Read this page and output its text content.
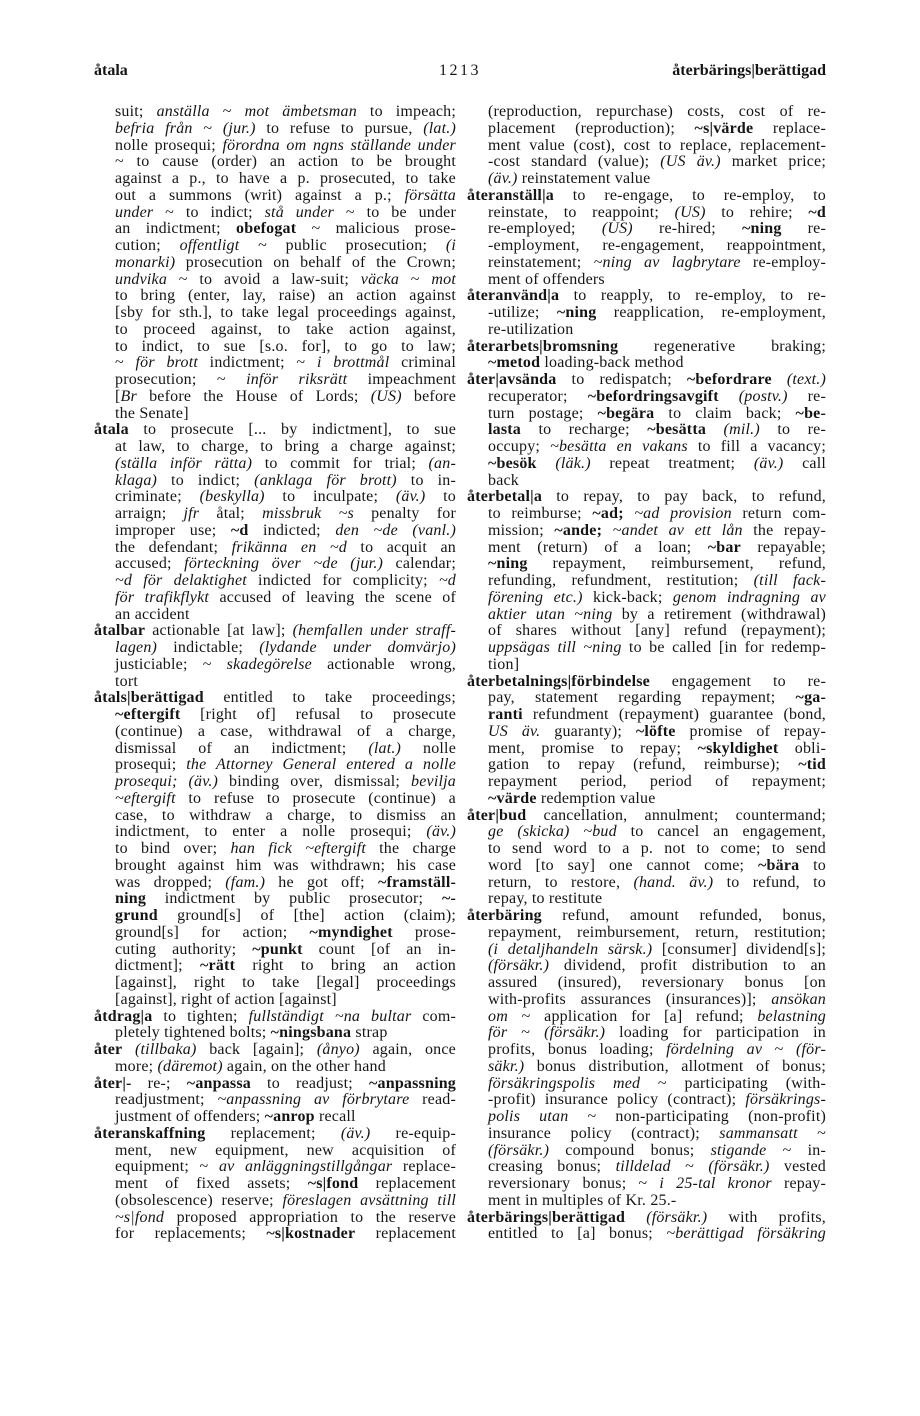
åtala	1213	återbärings|berättigad
suit; anställa ~ mot ämbetsman to impeach;
befria från ~ (jur.) to refuse to pursue, (lat.)
nolle prosequi; förordna om ngns ställande under
~ to cause (order) an action to be brought
against a p., to have a p. prosecuted, to take
out a summons (writ) against a p.; försätta
under ~ to indict; stå under ~ to be under
an indictment; obefogat ~ malicious prose-
cution; offentligt ~ public prosecution; (i
monarki) prosecution on behalf of the Crown;
undvika ~ to avoid a law-suit; väcka ~ mot
to bring (enter, lay, raise) an action against
[sby for sth.], to take legal proceedings against,
to proceed against, to take action against,
to indict, to sue [s.o. for], to go to law;
~ för brott indictment; ~ i brottmål criminal
prosecution; ~ inför riksrätt impeachment
[Br before the House of Lords; (US) before
the Senate]
åtala to prosecute [... by indictment], to sue
at law, to charge, to bring a charge against;
(ställa inför rätta) to commit for trial; (an-
klaga) to indict; (anklaga för brott) to in-
criminate; (beskylla) to inculpate; (äv.) to
arraign; jfr åtal; missbruk ~s penalty for
improper use; ~d indicted; den ~de (vanl.)
the defendant; frikänna en ~d to acquit an
accused; förteckning över ~de (jur.) calendar;
~d för delaktighet indicted for complicity; ~d
för trafikflykt accused of leaving the scene of
an accident
åtalbar actionable [at law]; (hemfallen under straff-
lagen) indictable; (lydande under domvärjo)
justiciable; ~ skadegörelse actionable wrong,
tort
åtals|berättigad entitled to take proceedings;
~eftergift [right of] refusal to prosecute
(continue) a case, withdrawal of a charge,
dismissal of an indictment; (lat.) nolle
prosequi; the Attorney General entered a nolle
prosequi; (äv.) binding over, dismissal; bevilja
~eftergift to refuse to prosecute (continue) a
case, to withdraw a charge, to dismiss an
indictment, to enter a nolle prosequi; (äv.)
to bind over; han fick ~eftergift the charge
brought against him was withdrawn; his case
was dropped; (fam.) he got off; ~framställ-
ning indictment by public prosecutor; ~-
grund ground[s] of [the] action (claim);
ground[s] for action; ~myndighet prose-
cuting authority; ~punkt count [of an in-
dictment]; ~rätt right to bring an action
[against], right to take [legal] proceedings
[against], right of action [against]
åtdrag|a to tighten; fullständigt ~na bultar com-
pletely tightened bolts; ~ningsbana strap
åter (tillbaka) back [again]; (ånyo) again, once
more; (däremot) again, on the other hand
åter|- re-; ~anpassa to readjust; ~anpassning
readjustment; ~anpassning av förbrytare read-
justment of offenders; ~anrop recall
återanskaffning replacement; (äv.) re-equip-
ment, new equipment, new acquisition of
equipment; ~ av anläggningstillgångar replace-
ment of fixed assets; ~s|fond replacement
(obsolescence) reserve; föreslagen avsättning till
~s|fond proposed appropriation to the reserve
for replacements; ~s|kostnader replacement
(reproduction, repurchase) costs, cost of re-
placement (reproduction); ~s|värde replace-
ment value (cost), cost to replace, replacement-
-cost standard (value); (US äv.) market price;
(äv.) reinstatement value
återanställ|a to re-engage, to re-employ, to
reinstate, to reappoint; (US) to rehire; ~d
re-employed; (US) re-hired; ~ning re-
-employment, re-engagement, reappointment,
reinstatement; ~ning av lagbrytare re-employ-
ment of offenders
återanvänd|a to reapply, to re-employ, to re-
-utilize; ~ning reapplication, re-employment,
re-utilization
återarbets|bromsning regenerative braking;
~metod loading-back method
åter|avsända to redispatch; ~befordrare (text.)
recuperator; ~befordringsavgift (postv.) re-
turn postage; ~begära to claim back; ~be-
lasta to recharge; ~besätta (mil.) to re-
occupy; ~besätta en vakans to fill a vacancy;
~besök (läk.) repeat treatment; (äv.) call
back
återbetal|a to repay, to pay back, to refund,
to reimburse; ~ad; ~ad provision return com-
mission; ~ande; ~andet av ett lån the repay-
ment (return) of a loan; ~bar repayable;
~ning repayment, reimbursement, refund,
refunding, refundment, restitution; (till fack-
förening etc.) kick-back; genom indragning av
aktier utan ~ning by a retirement (withdrawal)
of shares without [any] refund (repayment);
uppsägas till ~ning to be called [in for redemp-
tion]
återbetalnings|förbindelse engagement to re-
pay, statement regarding repayment; ~ga-
ranti refundment (repayment) guarantee (bond,
US äv. guaranty); ~löfte promise of repay-
ment, promise to repay; ~skyldighet obli-
gation to repay (refund, reimburse); ~tid
repayment period, period of repayment;
~värde redemption value
åter|bud cancellation, annulment; countermand;
ge (skicka) ~bud to cancel an engagement,
to send word to a p. not to come; to send
word [to say] one cannot come; ~bära to
return, to restore, (hand. äv.) to refund, to
repay, to restitute
återbäring refund, amount refunded, bonus,
repayment, reimbursement, return, restitution;
(i detaljhandeln särsk.) [consumer] dividend[s];
(försäkr.) dividend, profit distribution to an
assured (insured), reversionary bonus [on
with-profits assurances (insurances)]; ansökan
om ~ application for [a] refund; belastning
för ~ (försäkr.) loading for participation in
profits, bonus loading; fördelning av ~ (för-
säkr.) bonus distribution, allotment of bonus;
försäkringspolis med ~ participating (with-
-profit) insurance policy (contract); försäkrings-
polis utan ~ non-participating (non-profit)
insurance policy (contract); sammansatt ~
(försäkr.) compound bonus; stigande ~ in-
creasing bonus; tilldelad ~ (försäkr.) vested
reversionary bonus; ~ i 25-tal kronor repay-
ment in multiples of Kr. 25.-
återbärings|berättigad (försäkr.) with profits,
entitled to [a] bonus; ~berättigad försäkring
